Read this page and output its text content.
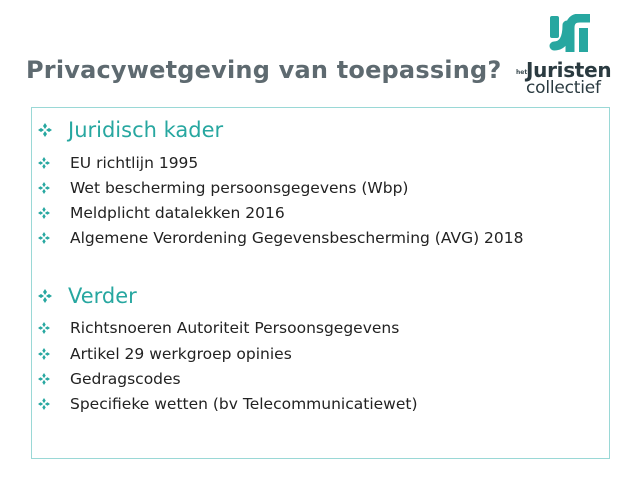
Privacywetgeving van toepassing? het
Juristen
collectief
Juridisch kader
EU richtlijn 1995
Wet bescherming persoonsgegevens (Wbp)
Meldplicht datalekken 2016
Algemene Verordening Gegevensbescherming (AVG) 2018
Verder
Richtsnoeren Autoriteit Persoonsgegevens
Artikel 29 werkgroep opinies
Gedragscodes
Specifieke wetten (bv Telecommunicatiewet)
